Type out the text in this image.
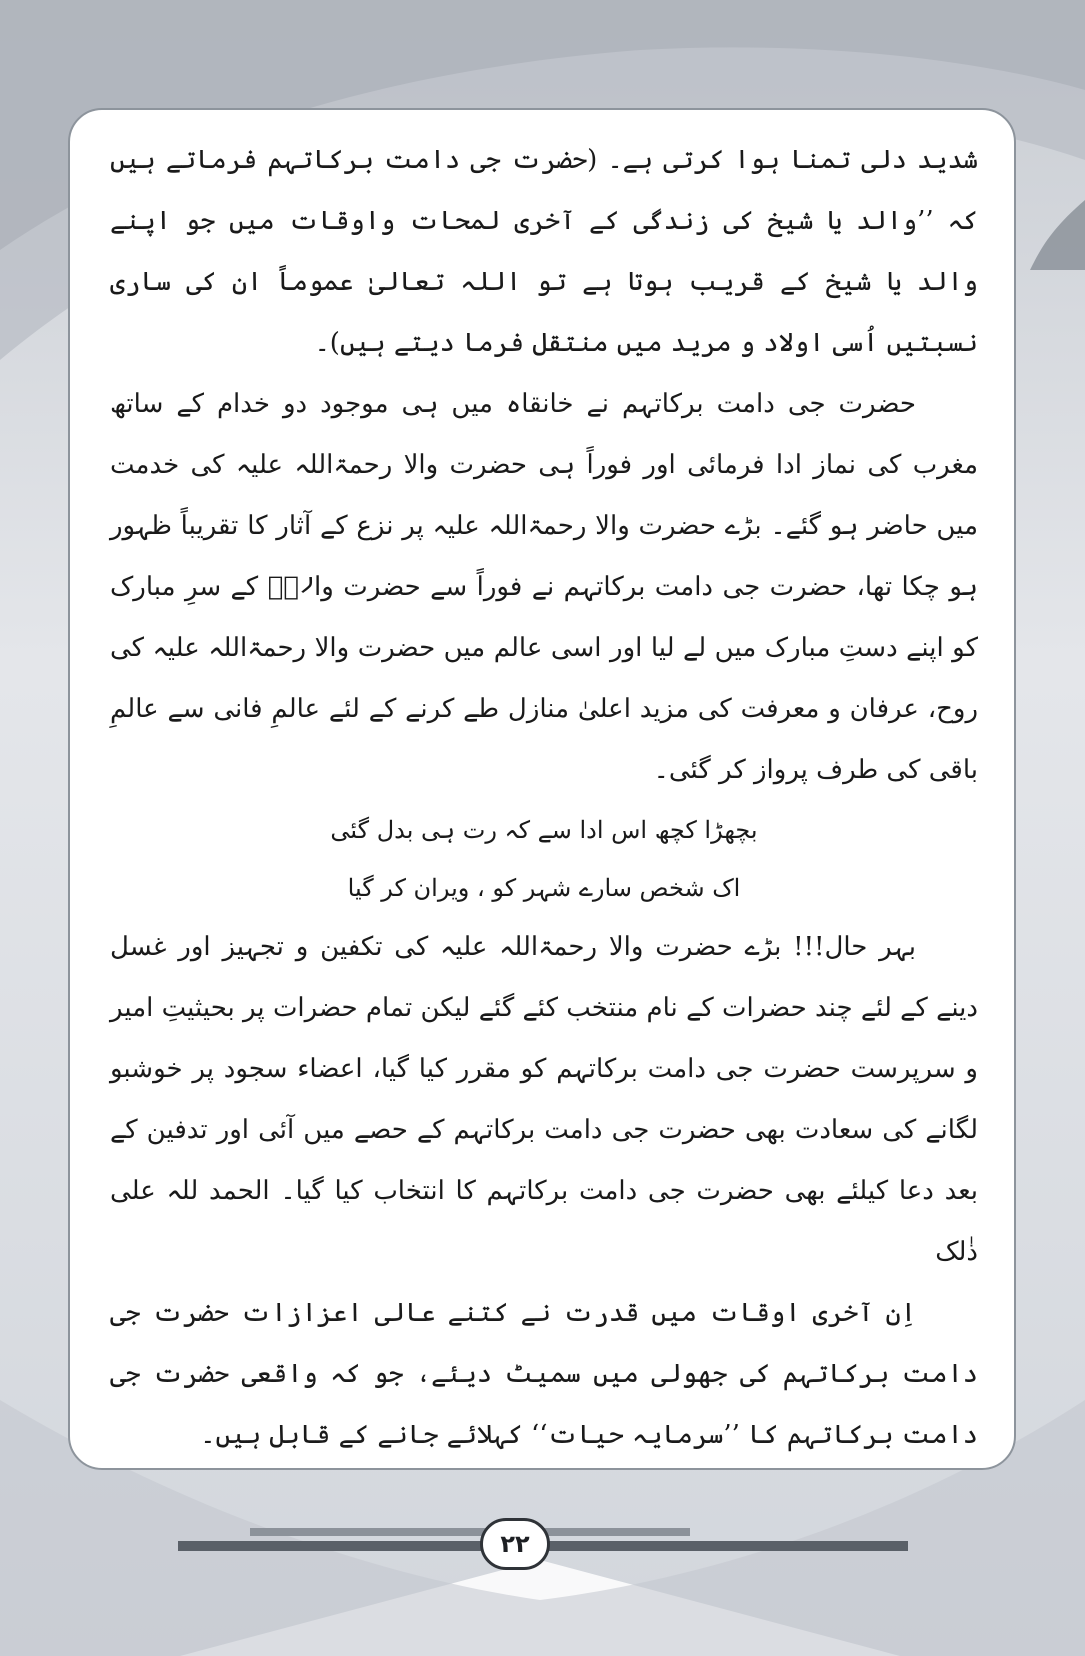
شدید دلی تمنا ہوا کرتی ہے۔ (حضرت جی دامت برکاتہم فرماتے ہیں کہ ’’والد یا شیخ کی زندگی کے آخری لمحات واوقات میں جو اپنے والد یا شیخ کے قریب ہوتا ہے تو اللہ تعالیٰ عموماً ان کی ساری نسبتیں اُسی اولاد و مرید میں منتقل فرما دیتے ہیں)۔

حضرت جی دامت برکاتہم نے خانقاہ میں ہی موجود دو خدام کے ساتھ مغرب کی نماز ادا فرمائی اور فوراً ہی حضرت والا رحمۃاللہ علیہ کی خدمت میں حاضر ہو گئے۔ بڑے حضرت والا رحمۃاللہ علیہ پر نزع کے آثار کا تقریباً ظہور ہو چکا تھا، حضرت جی دامت برکاتہم نے فوراً سے حضرت والاؒ کے سرِ مبارک کو اپنے دستِ مبارک میں لے لیا اور اسی عالم میں حضرت والا رحمۃاللہ علیہ کی روح، عرفان و معرفت کی مزید اعلیٰ منازل طے کرنے کے لئے عالمِ فانی سے عالمِ باقی کی طرف پرواز کر گئی۔

بچھڑا کچھ اس ادا سے کہ رت ہی بدل گئی

اک شخص سارے شہر کو ، ویران کر گیا

بہر حال!!! بڑے حضرت والا رحمۃاللہ علیہ کی تکفین و تجہیز اور غسل دینے کے لئے چند حضرات کے نام منتخب کئے گئے لیکن تمام حضرات پر بحیثیتِ امیر و سرپرست حضرت جی دامت برکاتہم کو مقرر کیا گیا، اعضاء سجود پر خوشبو لگانے کی سعادت بھی حضرت جی دامت برکاتہم کے حصے میں آئی اور تدفین کے بعد دعا کیلئے بھی حضرت جی دامت برکاتہم کا انتخاب کیا گیا۔ الحمد للہ علی ذٰلک

اِن آخری اوقات میں قدرت نے کتنے عالی اعزازات حضرت جی دامت برکاتہم کی جھولی میں سمیٹ دیئے، جو کہ واقعی حضرت جی دامت برکاتہم کا ’’سرمایہ حیات‘‘ کہلائے جانے کے قابل ہیں۔

۲۲
